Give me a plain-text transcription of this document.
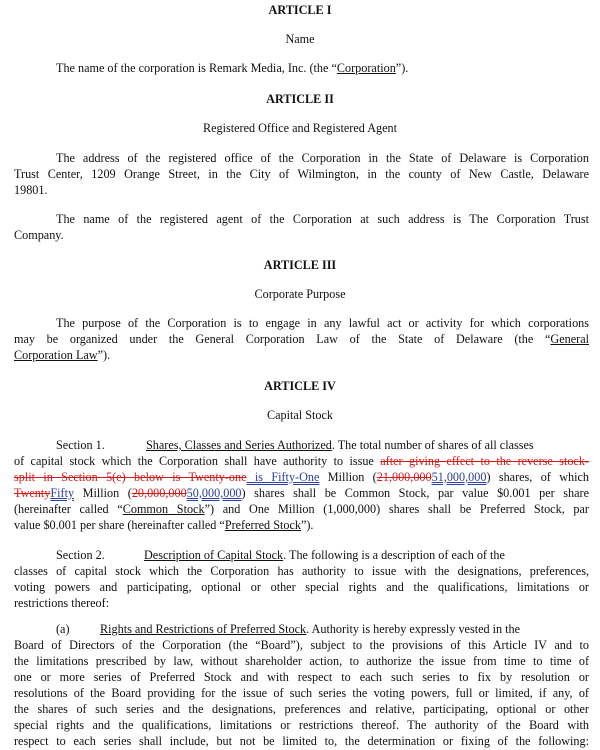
ARTICLE I
Name
The name of the corporation is Remark Media, Inc. (the “Corporation”).
ARTICLE II
Registered Office and Registered Agent
The address of the registered office of the Corporation in the State of Delaware is Corporation
Trust Center, 1209 Orange Street, in the City of Wilmington, in the county of New Castle, Delaware
19801.
The name of the registered agent of the Corporation at such address is The Corporation Trust
Company.
ARTICLE III
Corporate Purpose
The purpose of the Corporation is to engage in any lawful act or activity for which corporations
may be organized under the General Corporation Law of the State of Delaware (the “General
Corporation Law”).
ARTICLE IV
Capital Stock
Section 1.	Shares, Classes and Series Authorized. The total number of shares of all classes
of capital stock which the Corporation shall have authority to issue after giving effect to the reverse stock-
split in Section 5(e) below is Twenty-one is Fifty-One Million (21,000,00051,000,000) shares, of which
TwentyFifty Million (20,000,00050,000,000) shares shall be Common Stock, par value $0.001 per share
(hereinafter called “Common Stock”) and One Million (1,000,000) shares shall be Preferred Stock, par
value $0.001 per share (hereinafter called “Preferred Stock”).
Section 2.	Description of Capital Stock. The following is a description of each of the
classes of capital stock which the Corporation has authority to issue with the designations, preferences,
voting powers and participating, optional or other special rights and the qualifications, limitations or
restrictions thereof:
(a) Rights and Restrictions of Preferred Stock. Authority is hereby expressly vested in the
Board of Directors of the Corporation (the “Board”), subject to the provisions of this Article IV and to
the limitations prescribed by law, without shareholder action, to authorize the issue from time to time of
one or more series of Preferred Stock and with respect to each such series to fix by resolution or
resolutions of the Board providing for the issue of such series the voting powers, full or limited, if any, of
the shares of such series and the designations, preferences and relative, participating, optional or other
special rights and the qualifications, limitations or restrictions thereof. The authority of the Board with
respect to each series shall include, but not be limited to, the determination or fixing of the following:
